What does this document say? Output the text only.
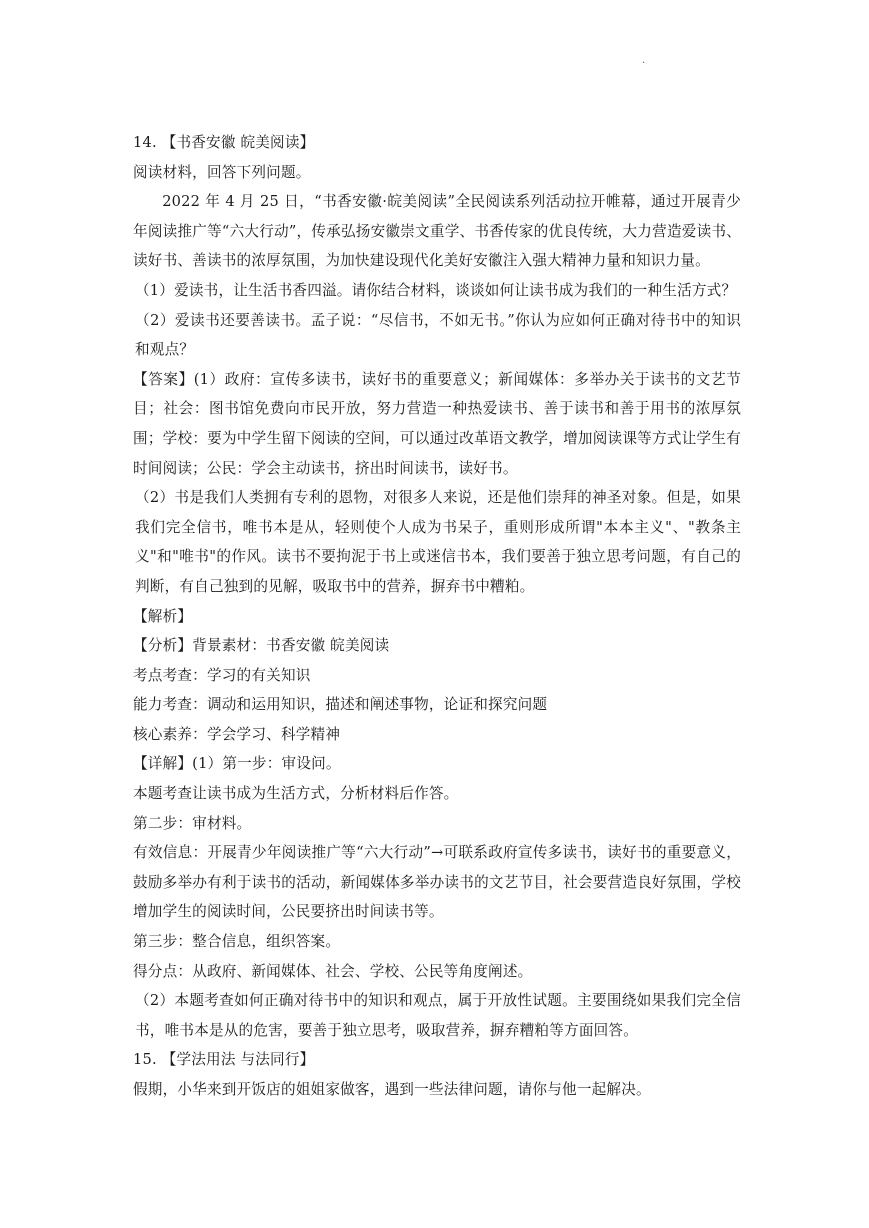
.
14. 【书香安徽 皖美阅读】
阅读材料，回答下列问题。
2022 年 4 月 25 日，“书香安徽·皖美阅读”全民阅读系列活动拉开帷幕，通过开展青少年阅读推广等“六大行动”，传承弘扬安徽崇文重学、书香传家的优良传统，大力营造爱读书、读好书、善读书的浓厚氛围，为加快建设现代化美好安徽注入强大精神力量和知识力量。
（1）爱读书，让生活书香四溢。请你结合材料，谈谈如何让读书成为我们的一种生活方式？
（2）爱读书还要善读书。孟子说：“尽信书，不如无书。”你认为应如何正确对待书中的知识和观点？
【答案】(1）政府：宣传多读书，读好书的重要意义；新闻媒体：多举办关于读书的文艺节目；社会：图书馆免费向市民开放，努力营造一种热爱读书、善于读书和善于用书的浓厚氛围；学校：要为中学生留下阅读的空间，可以通过改革语文教学，增加阅读课等方式让学生有时间阅读；公民：学会主动读书，挤出时间读书，读好书。
（2）书是我们人类拥有专利的恩物，对很多人来说，还是他们崇拜的神圣对象。但是，如果我们完全信书，唯书本是从，轻则使个人成为书呆子，重则形成所谓"本本主义"、"教条主义"和"唯书"的作风。读书不要拘泥于书上或迷信书本，我们要善于独立思考问题，有自己的判断，有自己独到的见解，吸取书中的营养，摒弃书中糟粕。
【解析】
【分析】背景素材：书香安徽 皖美阅读
考点考查：学习的有关知识
能力考查：调动和运用知识，描述和阐述事物，论证和探究问题
核心素养：学会学习、科学精神
【详解】(1）第一步：审设问。
本题考查让读书成为生活方式，分析材料后作答。
第二步：审材料。
有效信息：开展青少年阅读推广等“六大行动”→可联系政府宣传多读书，读好书的重要意义，鼓励多举办有利于读书的活动，新闻媒体多举办读书的文艺节目，社会要营造良好氛围，学校增加学生的阅读时间，公民要挤出时间读书等。
第三步：整合信息，组织答案。
得分点：从政府、新闻媒体、社会、学校、公民等角度阐述。
（2）本题考查如何正确对待书中的知识和观点，属于开放性试题。主要围绕如果我们完全信书，唯书本是从的危害，要善于独立思考，吸取营养，摒弃糟粕等方面回答。
15. 【学法用法 与法同行】
假期，小华来到开饭店的姐姐家做客，遇到一些法律问题，请你与他一起解决。
